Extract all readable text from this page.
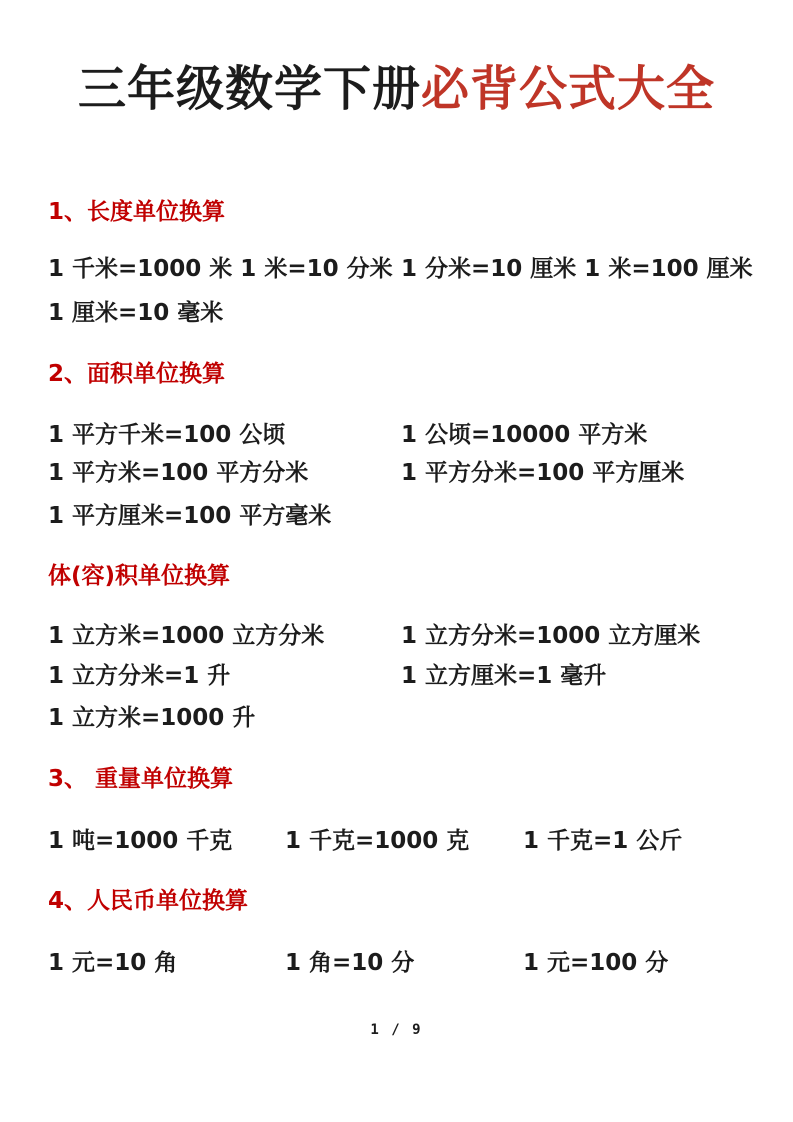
三年级数学下册必背公式大全
1、长度单位换算
1 千米=1000 米 1 米=10 分米 1 分米=10 厘米 1 米=100 厘米
1 厘米=10 毫米
2、面积单位换算
1 平方千米=100 公顷	1 公顷=10000 平方米
1 平方米=100 平方分米	1 平方分米=100 平方厘米
1 平方厘米=100 平方毫米
体(容)积单位换算
1 立方米=1000 立方分米	1 立方分米=1000 立方厘米
1 立方分米=1 升	1 立方厘米=1 毫升
1 立方米=1000 升
3、 重量单位换算
1 吨=1000 千克 1 千克=1000 克 1 千克=1 公斤
4、人民币单位换算
1 元=10 角	1 角=10 分	1 元=100 分
1 / 9
